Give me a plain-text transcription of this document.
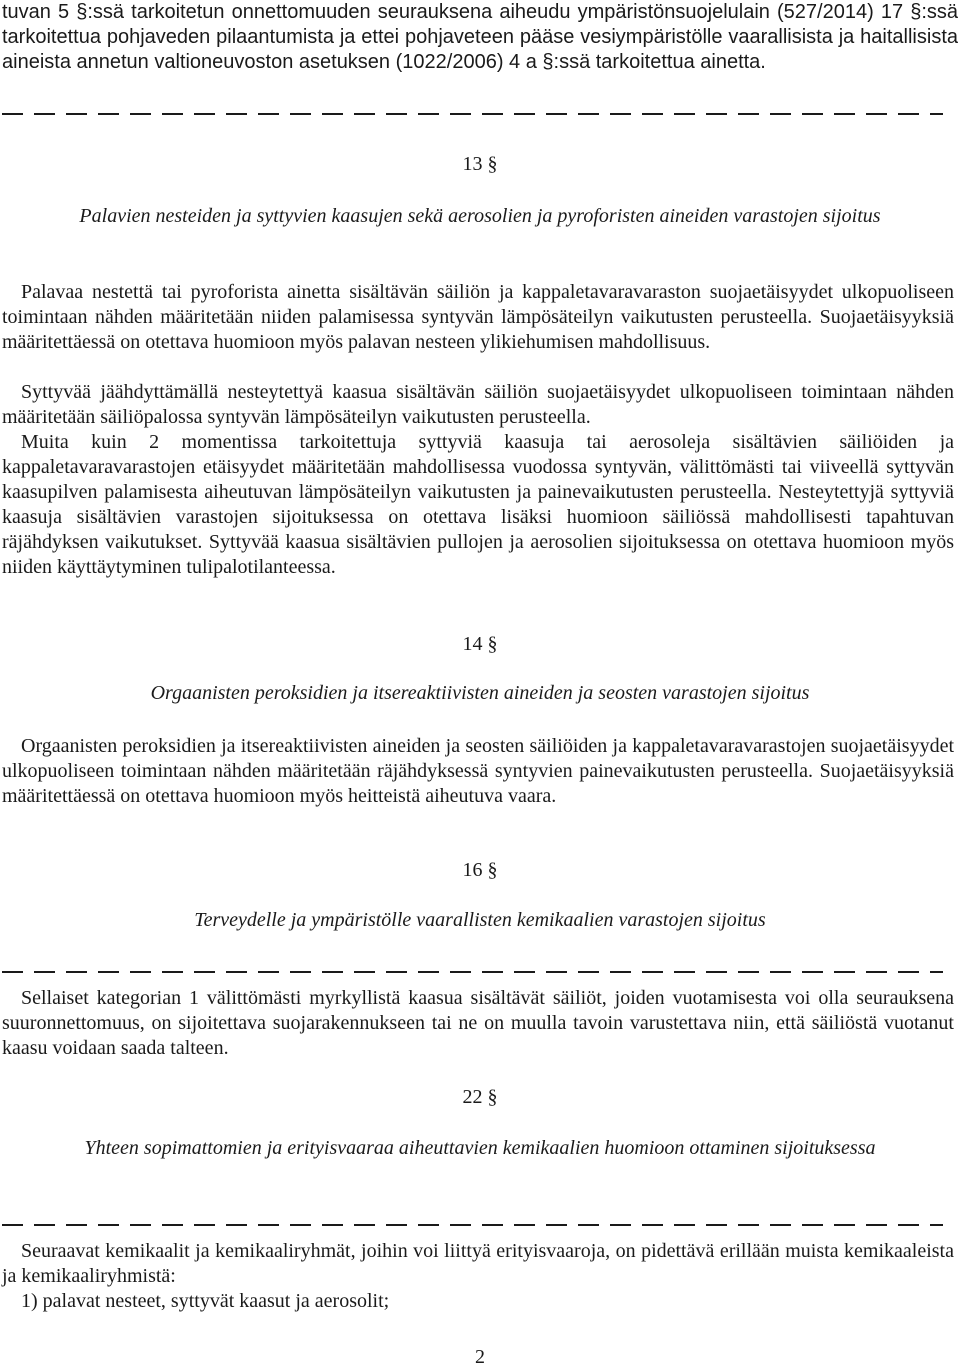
tuvan 5 §:ssä tarkoitetun onnettomuuden seurauksena aiheudu ympäristönsuojelulain (527/2014) 17 §:ssä tarkoitettua pohjaveden pilaantumista ja ettei pohjaveteen pääse vesiympäristölle vaarallisista ja haitallisista aineista annetun valtioneuvoston asetuksen (1022/2006) 4 a §:ssä tarkoitettua ainetta.

13 §
Palavien nesteiden ja syttyvien kaasujen sekä aerosolien ja pyroforisten aineiden varastojen sijoitus

Palavaa nestettä tai pyroforista ainetta sisältävän säiliön ja kappaletavaravaraston suojaetäisyydet ulkopuoliseen toimintaan nähden määritetään niiden palamisessa syntyvän lämpösäteilyn vaikutusten perusteella. Suojaetäisyyksiä määritettäessä on otettava huomioon myös palavan nesteen ylikiehumisen mahdollisuus.

Syttyvää jäähdyttämällä nesteytettyä kaasua sisältävän säiliön suojaetäisyydet ulkopuoliseen toimintaan nähden määritetään säiliöpalossa syntyvän lämpösäteilyn vaikutusten perusteella.

Muita kuin 2 momentissa tarkoitettuja syttyviä kaasuja tai aerosoleja sisältävien säiliöiden ja kappaletavaravarastojen etäisyydet määritetään mahdollisessa vuodossa syntyvän, välittömästi tai viiveellä syttyvän kaasupilven palamisesta aiheutuvan lämpösäteilyn vaikutusten ja painevaikutusten perusteella. Nesteytettyjä syttyviä kaasuja sisältävien varastojen sijoituksessa on otettava lisäksi huomioon säiliössä mahdollisesti tapahtuvan räjähdyksen vaikutukset. Syttyvää kaasua sisältävien pullojen ja aerosolien sijoituksessa on otettava huomioon myös niiden käyttäytyminen tulipalotilanteessa.

14 §
Orgaanisten peroksidien ja itsereaktiivisten aineiden ja seosten varastojen sijoitus

Orgaanisten peroksidien ja itsereaktiivisten aineiden ja seosten säiliöiden ja kappaletavaravarastojen suojaetäisyydet ulkopuoliseen toimintaan nähden määritetään räjähdyksessä syntyvien painevaikutusten perusteella. Suojaetäisyyksiä määritettäessä on otettava huomioon myös heitteistä aiheutuva vaara.

16 §
Terveydelle ja ympäristölle vaarallisten kemikaalien varastojen sijoitus

Sellaiset kategorian 1 välittömästi myrkyllistä kaasua sisältävät säiliöt, joiden vuotamisesta voi olla seurauksena suuronnettomuus, on sijoitettava suojarakennukseen tai ne on muulla tavoin varustettava niin, että säiliöstä vuotanut kaasu voidaan saada talteen.

22 §
Yhteen sopimattomien ja erityisvaaraa aiheuttavien kemikaalien huomioon ottaminen sijoituksessa

Seuraavat kemikaalit ja kemikaaliryhmät, joihin voi liittyä erityisvaaroja, on pidettävä erillään muista kemikaaleista ja kemikaaliryhmistä:

1) palavat nesteet, syttyvät kaasut ja aerosolit;

2
